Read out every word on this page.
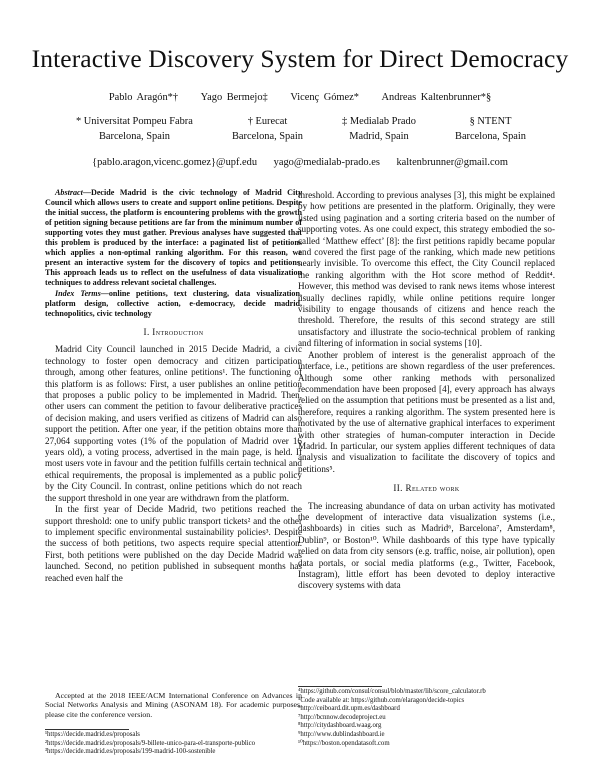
Interactive Discovery System for Direct Democracy
Pablo Aragón*† Yago Bermejo‡ Vicenç Gómez* Andreas Kaltenbrunner*§
* Universitat Pompeu Fabra
Barcelona, Spain
† Eurecat
Barcelona, Spain
‡ Medialab Prado
Madrid, Spain
§ NTENT
Barcelona, Spain
{pablo.aragon,vicenc.gomez}@upf.edu yago@medialab-prado.es kaltenbrunner@gmail.com

Abstract—Decide Madrid is the civic technology of Madrid City Council which allows users to create and support online petitions. Despite the initial success, the platform is encountering problems with the growth of petition signing because petitions are far from the minimum number of supporting votes they must gather. Previous analyses have suggested that this problem is produced by the interface: a paginated list of petitions which applies a non-optimal ranking algorithm. For this reason, we present an interactive system for the discovery of topics and petitions. This approach leads us to reflect on the usefulness of data visualization techniques to address relevant societal challenges.

Index Terms—online petitions, text clustering, data visualization, platform design, collective action, e-democracy, decide madrid, technopolitics, civic technology

I. Introduction

Madrid City Council launched in 2015 Decide Madrid, a civic technology to foster open democracy and citizen participation through, among other features, online petitions¹. The functioning of this platform is as follows: First, a user publishes an online petition that proposes a public policy to be implemented in Madrid. Then, other users can comment the petition to favour deliberative practices of decision making, and users verified as citizens of Madrid can also support the petition. After one year, if the petition obtains more than 27,064 supporting votes (1% of the population of Madrid over 16 years old), a voting process, advertised in the main page, is held. If most users vote in favour and the petition fulfills certain technical and ethical requirements, the proposal is implemented as a public policy by the City Council. In contrast, online petitions which do not reach the support threshold in one year are withdrawn from the platform.

In the first year of Decide Madrid, two petitions reached the support threshold: one to unify public transport tickets² and the other to implement specific environmental sustainability policies³. Despite the success of both petitions, two aspects require special attention. First, both petitions were published on the day Decide Madrid was launched. Second, no petition published in subsequent months has reached even half the

threshold. According to previous analyses [3], this might be explained by how petitions are presented in the platform. Originally, they were listed using pagination and a sorting criteria based on the number of supporting votes. As one could expect, this strategy embodied the so-called ‘Matthew effect’ [8]: the first petitions rapidly became popular and covered the first page of the ranking, which made new petitions nearly invisible. To overcome this effect, the City Council replaced the ranking algorithm with the Hot score method of Reddit⁴. However, this method was devised to rank news items whose interest usually declines rapidly, while online petitions require longer visibility to engage thousands of citizens and hence reach the threshold. Therefore, the results of this second strategy are still unsatisfactory and illustrate the socio-technical problem of ranking and filtering of information in social systems [10].

Another problem of interest is the generalist approach of the interface, i.e., petitions are shown regardless of the user preferences. Although some other ranking methods with personalized recommendation have been proposed [4], every approach has always relied on the assumption that petitions must be presented as a list and, therefore, requires a ranking algorithm. The system presented here is motivated by the use of alternative graphical interfaces to experiment with other strategies of human-computer interaction in Decide Madrid. In particular, our system applies different techniques of data analysis and visualization to facilitate the discovery of topics and petitions⁵.

II. Related work

The increasing abundance of data on urban activity has motivated the development of interactive data visualization systems (i.e., dashboards) in cities such as Madrid⁶, Barcelona⁷, Amsterdam⁸, Dublin⁹, or Boston¹⁰. While dashboards of this type have typically relied on data from city sensors (e.g. traffic, noise, air pollution), open data portals, or social media platforms (e.g., Twitter, Facebook, Instagram), little effort has been devoted to deploy interactive discovery systems with data

Accepted at the 2018 IEEE/ACM International Conference on Advances in Social Networks Analysis and Mining (ASONAM 18). For academic purposes, please cite the conference version.
¹https://decide.madrid.es/proposals
²https://decide.madrid.es/proposals/9-billete-unico-para-el-transporte-publico
³https://decide.madrid.es/proposals/199-madrid-100-sostenible
⁴https://github.com/consul/consul/blob/master/lib/score_calculator.rb
⁵Code available at: https://github.com/elaragon/decide-topics
⁶http://ceiboard.dit.upm.es/dashboard
⁷http://bcnnow.decodeproject.eu
⁸http://citydashboard.waag.org
⁹http://www.dublindashboard.ie
¹⁰https://boston.opendatasoft.com
